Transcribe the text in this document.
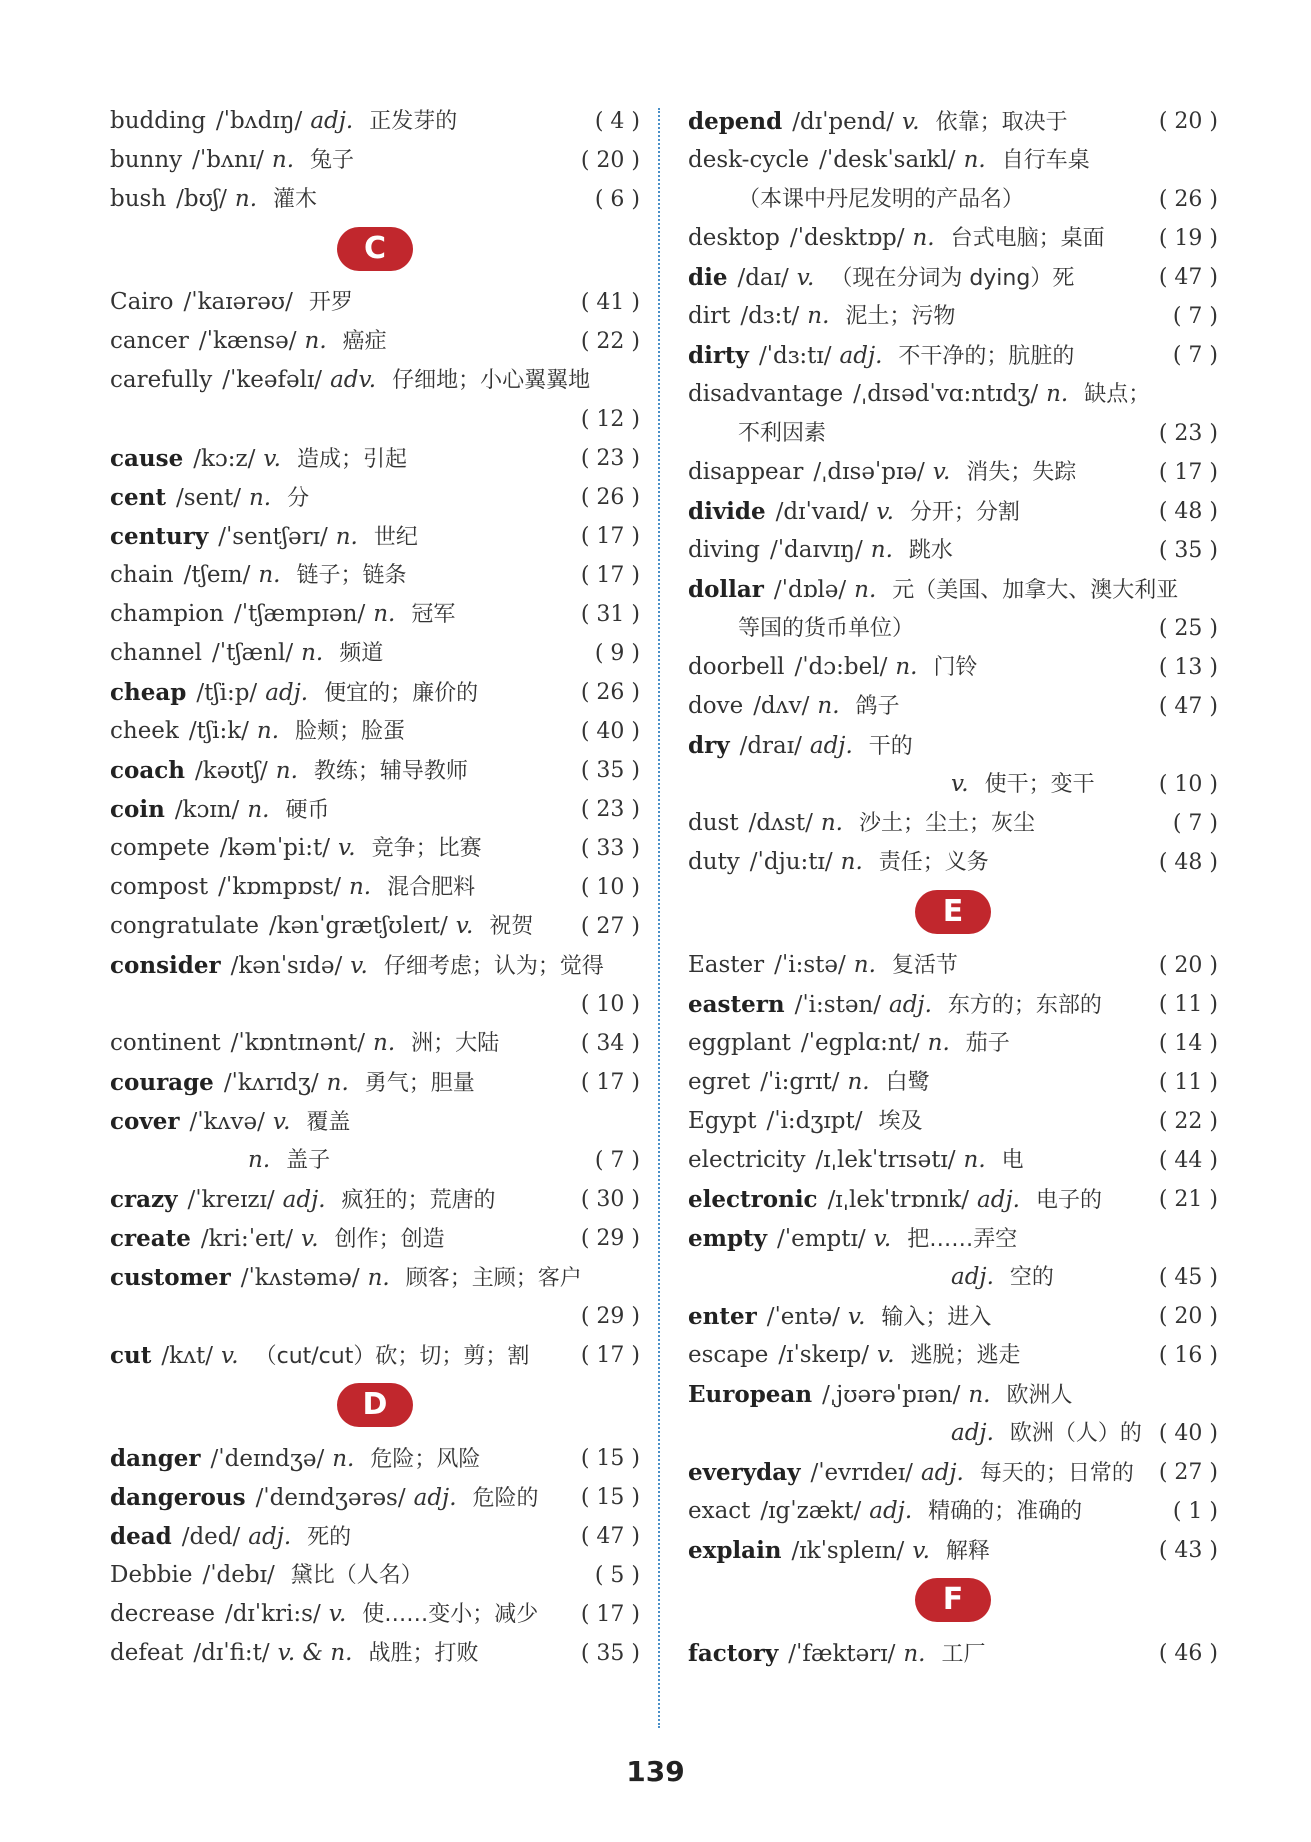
budding /ˈbʌdɪŋ/ adj. 正发芽的	( 4 )
bunny /ˈbʌnɪ/ n. 兔子	( 20 )
bush /bʊʃ/ n. 灌木	( 6 )
C
Cairo /ˈkaɪərəʊ/ 开罗	( 41 )
cancer /ˈkænsə/ n. 癌症	( 22 )
carefully /ˈkeəfəlɪ/ adv. 仔细地；小心翼翼地
( 12 )
cause /kɔ:z/ v. 造成；引起	( 23 )
cent /sent/ n. 分	( 26 )
century /ˈsentʃərɪ/ n. 世纪	( 17 )
chain /tʃeɪn/ n. 链子；链条	( 17 )
champion /ˈtʃæmpɪən/ n. 冠军	( 31 )
channel /ˈtʃænl/ n. 频道	( 9 )
cheap /tʃi:p/ adj. 便宜的；廉价的	( 26 )
cheek /tʃi:k/ n. 脸颊；脸蛋	( 40 )
coach /kəʊtʃ/ n. 教练；辅导教师	( 35 )
coin /kɔɪn/ n. 硬币	( 23 )
compete /kəmˈpi:t/ v. 竞争；比赛	( 33 )
compost /ˈkɒmpɒst/ n. 混合肥料	( 10 )
congratulate /kənˈgrætʃʊleɪt/ v. 祝贺 ( 27 )
consider /kənˈsɪdə/ v. 仔细考虑；认为；觉得
( 10 )
continent /ˈkɒntɪnənt/ n. 洲；大陆	( 34 )
courage /ˈkʌrɪdʒ/ n. 勇气；胆量	( 17 )
cover /ˈkʌvə/ v. 覆盖
n. 盖子	( 7 )
crazy /ˈkreɪzɪ/ adj. 疯狂的；荒唐的	( 30 )
create /kri:ˈeɪt/ v. 创作；创造	( 29 )
customer /ˈkʌstəmə/ n. 顾客；主顾；客户
( 29 )
cut /kʌt/ v. （cut/cut）砍；切；剪；割 ( 17 )
D
danger /ˈdeɪndʒə/ n. 危险；风险	( 15 )
dangerous /ˈdeɪndʒərəs/ adj. 危险的 ( 15 )
dead /ded/ adj. 死的	( 47 )
Debbie /ˈdebɪ/ 黛比（人名）	( 5 )
decrease /dɪˈkri:s/ v. 使……变小；减少 ( 17 )
defeat /dɪˈfi:t/ v. & n. 战胜；打败	( 35 )
depend /dɪˈpend/ v. 依靠；取决于	( 20 )
desk-cycle /ˈdeskˈsaɪkl/ n. 自行车桌
（本课中丹尼发明的产品名）	( 26 )
desktop /ˈdesktɒp/ n. 台式电脑；桌面 ( 19 )
die /daɪ/ v. （现在分词为 dying）死	( 47 )
dirt /dɜ:t/ n. 泥土；污物	( 7 )
dirty /ˈdɜ:tɪ/ adj. 不干净的；肮脏的	( 7 )
disadvantage /ˌdɪsədˈvɑ:ntɪdʒ/ n. 缺点；
不利因素	( 23 )
disappear /ˌdɪsəˈpɪə/ v. 消失；失踪	( 17 )
divide /dɪˈvaɪd/ v. 分开；分割	( 48 )
diving /ˈdaɪvɪŋ/ n. 跳水	( 35 )
dollar /ˈdɒlə/ n. 元（美国、加拿大、澳大利亚
等国的货币单位）	( 25 )
doorbell /ˈdɔ:bel/ n. 门铃	( 13 )
dove /dʌv/ n. 鸽子	( 47 )
dry /draɪ/ adj. 干的
v. 使干；变干	( 10 )
dust /dʌst/ n. 沙土；尘土；灰尘	( 7 )
duty /ˈdju:tɪ/ n. 责任；义务	( 48 )
E
Easter /ˈi:stə/ n. 复活节	( 20 )
eastern /ˈi:stən/ adj. 东方的；东部的	( 11 )
eggplant /ˈegplɑ:nt/ n. 茄子	( 14 )
egret /ˈi:grɪt/ n. 白鹭	( 11 )
Egypt /ˈi:dʒɪpt/ 埃及	( 22 )
electricity /ɪˌlekˈtrɪsətɪ/ n. 电	( 44 )
electronic /ɪˌlekˈtrɒnɪk/ adj. 电子的	( 21 )
empty /ˈemptɪ/ v. 把……弄空
adj. 空的	( 45 )
enter /ˈentə/ v. 输入；进入	( 20 )
escape /ɪˈskeɪp/ v. 逃脱；逃走	( 16 )
European /ˌjʊərəˈpɪən/ n. 欧洲人
adj. 欧洲（人）的 ( 40 )
everyday /ˈevrɪdeɪ/ adj. 每天的；日常的 ( 27 )
exact /ɪgˈzækt/ adj. 精确的；准确的	( 1 )
explain /ɪkˈspleɪn/ v. 解释	( 43 )
F
factory /ˈfæktərɪ/ n. 工厂	( 46 )
139
